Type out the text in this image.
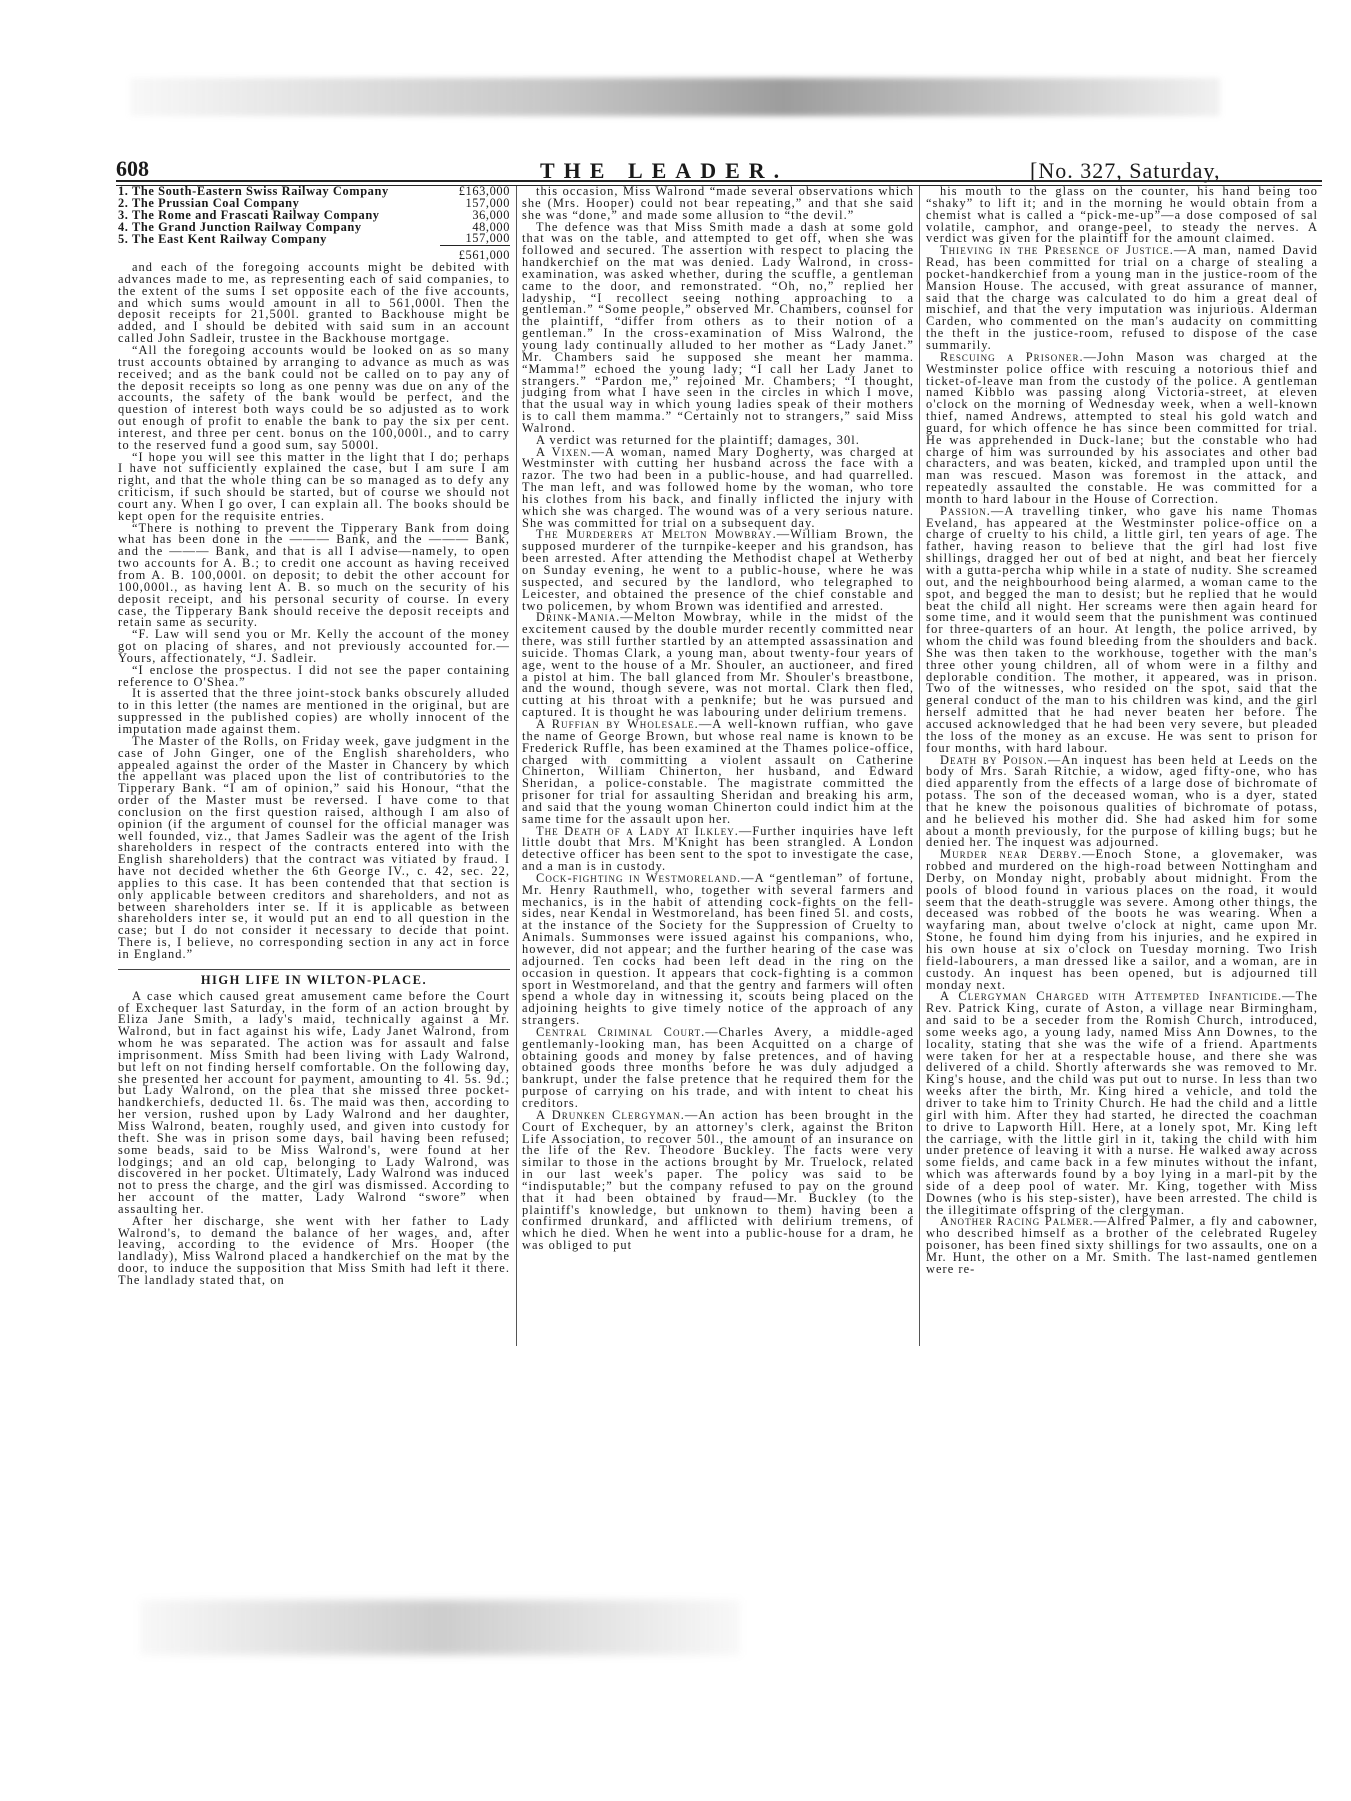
608	THE LEADER.	[No. 327, Saturday,
1. The South-Eastern Swiss Railway Company	£163,000
2. The Prussian Coal Company	157,000
3. The Rome and Frascati Railway Company	36,000
4. The Grand Junction Railway Company	48,000
5. The East Kent Railway Company	157,000
	£561,000

and each of the foregoing accounts might be debited with advances made to me, as representing each of said companies, to the extent of the sums I set opposite each of the five accounts, and which sums would amount in all to 561,000l. Then the deposit receipts for 21,500l. granted to Backhouse might be added, and I should be debited with said sum in an account called John Sadleir, trustee in the Backhouse mortgage.

“All the foregoing accounts would be looked on as so many trust accounts obtained by arranging to advance as much as was received; and as the bank could not be called on to pay any of the deposit receipts so long as one penny was due on any of the accounts, the safety of the bank would be perfect, and the question of interest both ways could be so adjusted as to work out enough of profit to enable the bank to pay the six per cent. interest, and three per cent. bonus on the 100,000l., and to carry to the reserved fund a good sum, say 5000l.

“I hope you will see this matter in the light that I do; perhaps I have not sufficiently explained the case, but I am sure I am right, and that the whole thing can be so managed as to defy any criticism, if such should be started, but of course we should not court any. When I go over, I can explain all. The books should be kept open for the requisite entries.

“There is nothing to prevent the Tipperary Bank from doing what has been done in the ——— Bank, and the ——— Bank, and the ——— Bank, and that is all I advise—namely, to open two accounts for A. B.; to credit one account as having received from A. B. 100,000l. on deposit; to debit the other account for 100,000l., as having lent A. B. so much on the security of his deposit receipt, and his personal security of course. In every case, the Tipperary Bank should receive the deposit receipts and retain same as security.

“F. Law will send you or Mr. Kelly the account of the money got on placing of shares, and not previously accounted for.—Yours, affectionately, “J. Sadleir.

“I enclose the prospectus. I did not see the paper containing reference to O'Shea.”

It is asserted that the three joint-stock banks obscurely alluded to in this letter (the names are mentioned in the original, but are suppressed in the published copies) are wholly innocent of the imputation made against them.

The Master of the Rolls, on Friday week, gave judgment in the case of John Ginger, one of the English shareholders, who appealed against the order of the Master in Chancery by which the appellant was placed upon the list of contributories to the Tipperary Bank. “I am of opinion,” said his Honour, “that the order of the Master must be reversed. I have come to that conclusion on the first question raised, although I am also of opinion (if the argument of counsel for the official manager was well founded, viz., that James Sadleir was the agent of the Irish shareholders in respect of the contracts entered into with the English shareholders) that the contract was vitiated by fraud. I have not decided whether the 6th George IV., c. 42, sec. 22, applies to this case. It has been contended that that section is only applicable between creditors and shareholders, and not as between shareholders inter se. If it is applicable as between shareholders inter se, it would put an end to all question in the case; but I do not consider it necessary to decide that point. There is, I believe, no corresponding section in any act in force in England.”

HIGH LIFE IN WILTON-PLACE.

A case which caused great amusement came before the Court of Exchequer last Saturday, in the form of an action brought by Eliza Jane Smith, a lady's maid, technically against a Mr. Walrond, but in fact against his wife, Lady Janet Walrond, from whom he was separated. The action was for assault and false imprisonment. Miss Smith had been living with Lady Walrond, but left on not finding herself comfortable. On the following day, she presented her account for payment, amounting to 4l. 5s. 9d.; but Lady Walrond, on the plea that she missed three pocket-handkerchiefs, deducted 1l. 6s. The maid was then, according to her version, rushed upon by Lady Walrond and her daughter, Miss Walrond, beaten, roughly used, and given into custody for theft. She was in prison some days, bail having been refused; some beads, said to be Miss Walrond's, were found at her lodgings; and an old cap, belonging to Lady Walrond, was discovered in her pocket. Ultimately, Lady Walrond was induced not to press the charge, and the girl was dismissed. According to her account of the matter, Lady Walrond “swore” when assaulting her.

After her discharge, she went with her father to Lady Walrond's, to demand the balance of her wages, and, after leaving, according to the evidence of Mrs. Hooper (the landlady), Miss Walrond placed a handkerchief on the mat by the door, to induce the supposition that Miss Smith had left it there. The landlady stated that, on

this occasion, Miss Walrond “made several observations which she (Mrs. Hooper) could not bear repeating,” and that she said she was “done,” and made some allusion to “the devil.”

The defence was that Miss Smith made a dash at some gold that was on the table, and attempted to get off, when she was followed and secured. The assertion with respect to placing the handkerchief on the mat was denied. Lady Walrond, in cross-examination, was asked whether, during the scuffle, a gentleman came to the door, and remonstrated. “Oh, no,” replied her ladyship, “I recollect seeing nothing approaching to a gentleman.” “Some people,” observed Mr. Chambers, counsel for the plaintiff, “differ from others as to their notion of a gentleman.” In the cross-examination of Miss Walrond, the young lady continually alluded to her mother as “Lady Janet.” Mr. Chambers said he supposed she meant her mamma. “Mamma!” echoed the young lady; “I call her Lady Janet to strangers.” “Pardon me,” rejoined Mr. Chambers; “I thought, judging from what I have seen in the circles in which I move, that the usual way in which young ladies speak of their mothers is to call them mamma.” “Certainly not to strangers,” said Miss Walrond.

A verdict was returned for the plaintiff; damages, 30l.

A Vixen.—A woman, named Mary Dogherty, was charged at Westminster with cutting her husband across the face with a razor. The two had been in a public-house, and had quarrelled. The man left, and was followed home by the woman, who tore his clothes from his back, and finally inflicted the injury with which she was charged. The wound was of a very serious nature. She was committed for trial on a subsequent day.

The Murderers at Melton Mowbray.—William Brown, the supposed murderer of the turnpike-keeper and his grandson, has been arrested. After attending the Methodist chapel at Wetherby on Sunday evening, he went to a public-house, where he was suspected, and secured by the landlord, who telegraphed to Leicester, and obtained the presence of the chief constable and two policemen, by whom Brown was identified and arrested.

Drink-Mania.—Melton Mowbray, while in the midst of the excitement caused by the double murder recently committed near there, was still further startled by an attempted assassination and suicide. Thomas Clark, a young man, about twenty-four years of age, went to the house of a Mr. Shouler, an auctioneer, and fired a pistol at him. The ball glanced from Mr. Shouler's breastbone, and the wound, though severe, was not mortal. Clark then fled, cutting at his throat with a penknife; but he was pursued and captured. It is thought he was labouring under delirium tremens.

A Ruffian by Wholesale.—A well-known ruffian, who gave the name of George Brown, but whose real name is known to be Frederick Ruffle, has been examined at the Thames police-office, charged with committing a violent assault on Catherine Chinerton, William Chinerton, her husband, and Edward Sheridan, a police-constable. The magistrate committed the prisoner for trial for assaulting Sheridan and breaking his arm, and said that the young woman Chinerton could indict him at the same time for the assault upon her.

The Death of a Lady at Ilkley.—Further inquiries have left little doubt that Mrs. M'Knight has been strangled. A London detective officer has been sent to the spot to investigate the case, and a man is in custody.

Cock-fighting in Westmoreland.—A “gentleman” of fortune, Mr. Henry Rauthmell, who, together with several farmers and mechanics, is in the habit of attending cock-fights on the fell-sides, near Kendal in Westmoreland, has been fined 5l. and costs, at the instance of the Society for the Suppression of Cruelty to Animals. Summonses were issued against his companions, who, however, did not appear; and the further hearing of the case was adjourned. Ten cocks had been left dead in the ring on the occasion in question. It appears that cock-fighting is a common sport in Westmoreland, and that the gentry and farmers will often spend a whole day in witnessing it, scouts being placed on the adjoining heights to give timely notice of the approach of any strangers.

Central Criminal Court.—Charles Avery, a middle-aged gentlemanly-looking man, has been Acquitted on a charge of obtaining goods and money by false pretences, and of having obtained goods three months before he was duly adjudged a bankrupt, under the false pretence that he required them for the purpose of carrying on his trade, and with intent to cheat his creditors.

A Drunken Clergyman.—An action has been brought in the Court of Exchequer, by an attorney's clerk, against the Briton Life Association, to recover 50l., the amount of an insurance on the life of the Rev. Theodore Buckley. The facts were very similar to those in the actions brought by Mr. Truelock, related in our last week's paper. The policy was said to be “indisputable;” but the company refused to pay on the ground that it had been obtained by fraud—Mr. Buckley (to the plaintiff's knowledge, but unknown to them) having been a confirmed drunkard, and afflicted with delirium tremens, of which he died. When he went into a public-house for a dram, he was obliged to put

his mouth to the glass on the counter, his hand being too “shaky” to lift it; and in the morning he would obtain from a chemist what is called a “pick-me-up”—a dose composed of sal volatile, camphor, and orange-peel, to steady the nerves. A verdict was given for the plaintiff for the amount claimed.

Thieving in the Presence of Justice.—A man, named David Read, has been committed for trial on a charge of stealing a pocket-handkerchief from a young man in the justice-room of the Mansion House. The accused, with great assurance of manner, said that the charge was calculated to do him a great deal of mischief, and that the very imputation was injurious. Alderman Carden, who commented on the man's audacity on committing the theft in the justice-room, refused to dispose of the case summarily.

Rescuing a Prisoner.—John Mason was charged at the Westminster police office with rescuing a notorious thief and ticket-of-leave man from the custody of the police. A gentleman named Kibblo was passing along Victoria-street, at eleven o'clock on the morning of Wednesday week, when a well-known thief, named Andrews, attempted to steal his gold watch and guard, for which offence he has since been committed for trial. He was apprehended in Duck-lane; but the constable who had charge of him was surrounded by his associates and other bad characters, and was beaten, kicked, and trampled upon until the man was rescued. Mason was foremost in the attack, and repeatedly assaulted the constable. He was committed for a month to hard labour in the House of Correction.

Passion.—A travelling tinker, who gave his name Thomas Eveland, has appeared at the Westminster police-office on a charge of cruelty to his child, a little girl, ten years of age. The father, having reason to believe that the girl had lost five shillings, dragged her out of bed at night, and beat her fiercely with a gutta-percha whip while in a state of nudity. She screamed out, and the neighbourhood being alarmed, a woman came to the spot, and begged the man to desist; but he replied that he would beat the child all night. Her screams were then again heard for some time, and it would seem that the punishment was continued for three-quarters of an hour. At length, the police arrived, by whom the child was found bleeding from the shoulders and back. She was then taken to the workhouse, together with the man's three other young children, all of whom were in a filthy and deplorable condition. The mother, it appeared, was in prison. Two of the witnesses, who resided on the spot, said that the general conduct of the man to his children was kind, and the girl herself admitted that he had never beaten her before. The accused acknowledged that he had been very severe, but pleaded the loss of the money as an excuse. He was sent to prison for four months, with hard labour.

Death by Poison.—An inquest has been held at Leeds on the body of Mrs. Sarah Ritchie, a widow, aged fifty-one, who has died apparently from the effects of a large dose of bichromate of potass. The son of the deceased woman, who is a dyer, stated that he knew the poisonous qualities of bichromate of potass, and he believed his mother did. She had asked him for some about a month previously, for the purpose of killing bugs; but he denied her. The inquest was adjourned.

Murder near Derby.—Enoch Stone, a glovemaker, was robbed and murdered on the high-road between Nottingham and Derby, on Monday night, probably about midnight. From the pools of blood found in various places on the road, it would seem that the death-struggle was severe. Among other things, the deceased was robbed of the boots he was wearing. When a wayfaring man, about twelve o'clock at night, came upon Mr. Stone, he found him dying from his injuries, and he expired in his own house at six o'clock on Tuesday morning. Two Irish field-labourers, a man dressed like a sailor, and a woman, are in custody. An inquest has been opened, but is adjourned till monday next.

A Clergyman Charged with Attempted Infanticide.—The Rev. Patrick King, curate of Aston, a village near Birmingham, and said to be a seceder from the Romish Church, introduced, some weeks ago, a young lady, named Miss Ann Downes, to the locality, stating that she was the wife of a friend. Apartments were taken for her at a respectable house, and there she was delivered of a child. Shortly afterwards she was removed to Mr. King's house, and the child was put out to nurse. In less than two weeks after the birth, Mr. King hired a vehicle, and told the driver to take him to Trinity Church. He had the child and a little girl with him. After they had started, he directed the coachman to drive to Lapworth Hill. Here, at a lonely spot, Mr. King left the carriage, with the little girl in it, taking the child with him under pretence of leaving it with a nurse. He walked away across some fields, and came back in a few minutes without the infant, which was afterwards found by a boy lying in a marl-pit by the side of a deep pool of water. Mr. King, together with Miss Downes (who is his step-sister), have been arrested. The child is the illegitimate offspring of the clergyman.

Another Racing Palmer.—Alfred Palmer, a fly and cabowner, who described himself as a brother of the celebrated Rugeley poisoner, has been fined sixty shillings for two assaults, one on a Mr. Hunt, the other on a Mr. Smith. The last-named gentlemen were re-
